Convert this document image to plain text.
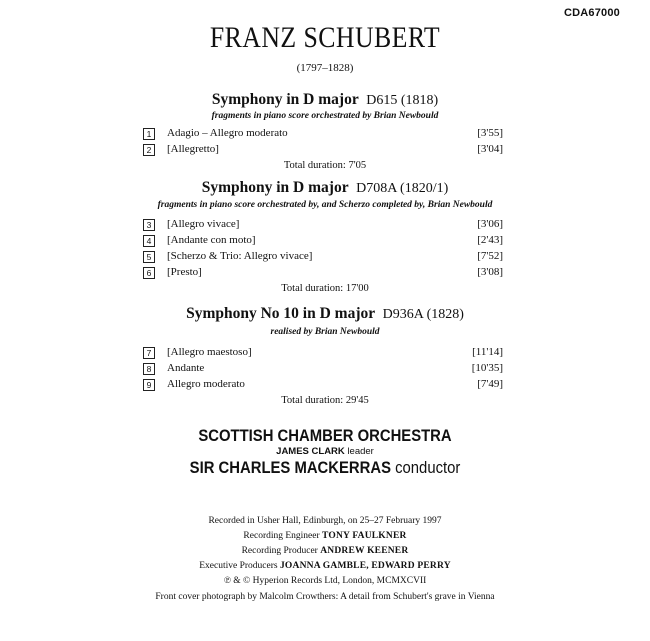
CDA67000
FRANZ SCHUBERT
(1797–1828)
Symphony in D major D615 (1818)
fragments in piano score orchestrated by Brian Newbould
1	Adagio – Allegro moderato	[3'55]
2	[Allegretto]	[3'04]
Total duration: 7'05
Symphony in D major D708A (1820/1)
fragments in piano score orchestrated by, and Scherzo completed by, Brian Newbould
3	[Allegro vivace]	[3'06]
4	[Andante con moto]	[2'43]
5	[Scherzo & Trio: Allegro vivace]	[7'52]
6	[Presto]	[3'08]
Total duration: 17'00
Symphony No 10 in D major D936A (1828)
realised by Brian Newbould
7	[Allegro maestoso]	[11'14]
8	Andante	[10'35]
9	Allegro moderato	[7'49]
Total duration: 29'45
SCOTTISH CHAMBER ORCHESTRA
JAMES CLARK leader
SIR CHARLES MACKERRAS conductor
Recorded in Usher Hall, Edinburgh, on 25–27 February 1997
Recording Engineer TONY FAULKNER
Recording Producer ANDREW KEENER
Executive Producers JOANNA GAMBLE, EDWARD PERRY
℗ & © Hyperion Records Ltd, London, MCMXCVII
Front cover photograph by Malcolm Crowthers: A detail from Schubert's grave in Vienna
